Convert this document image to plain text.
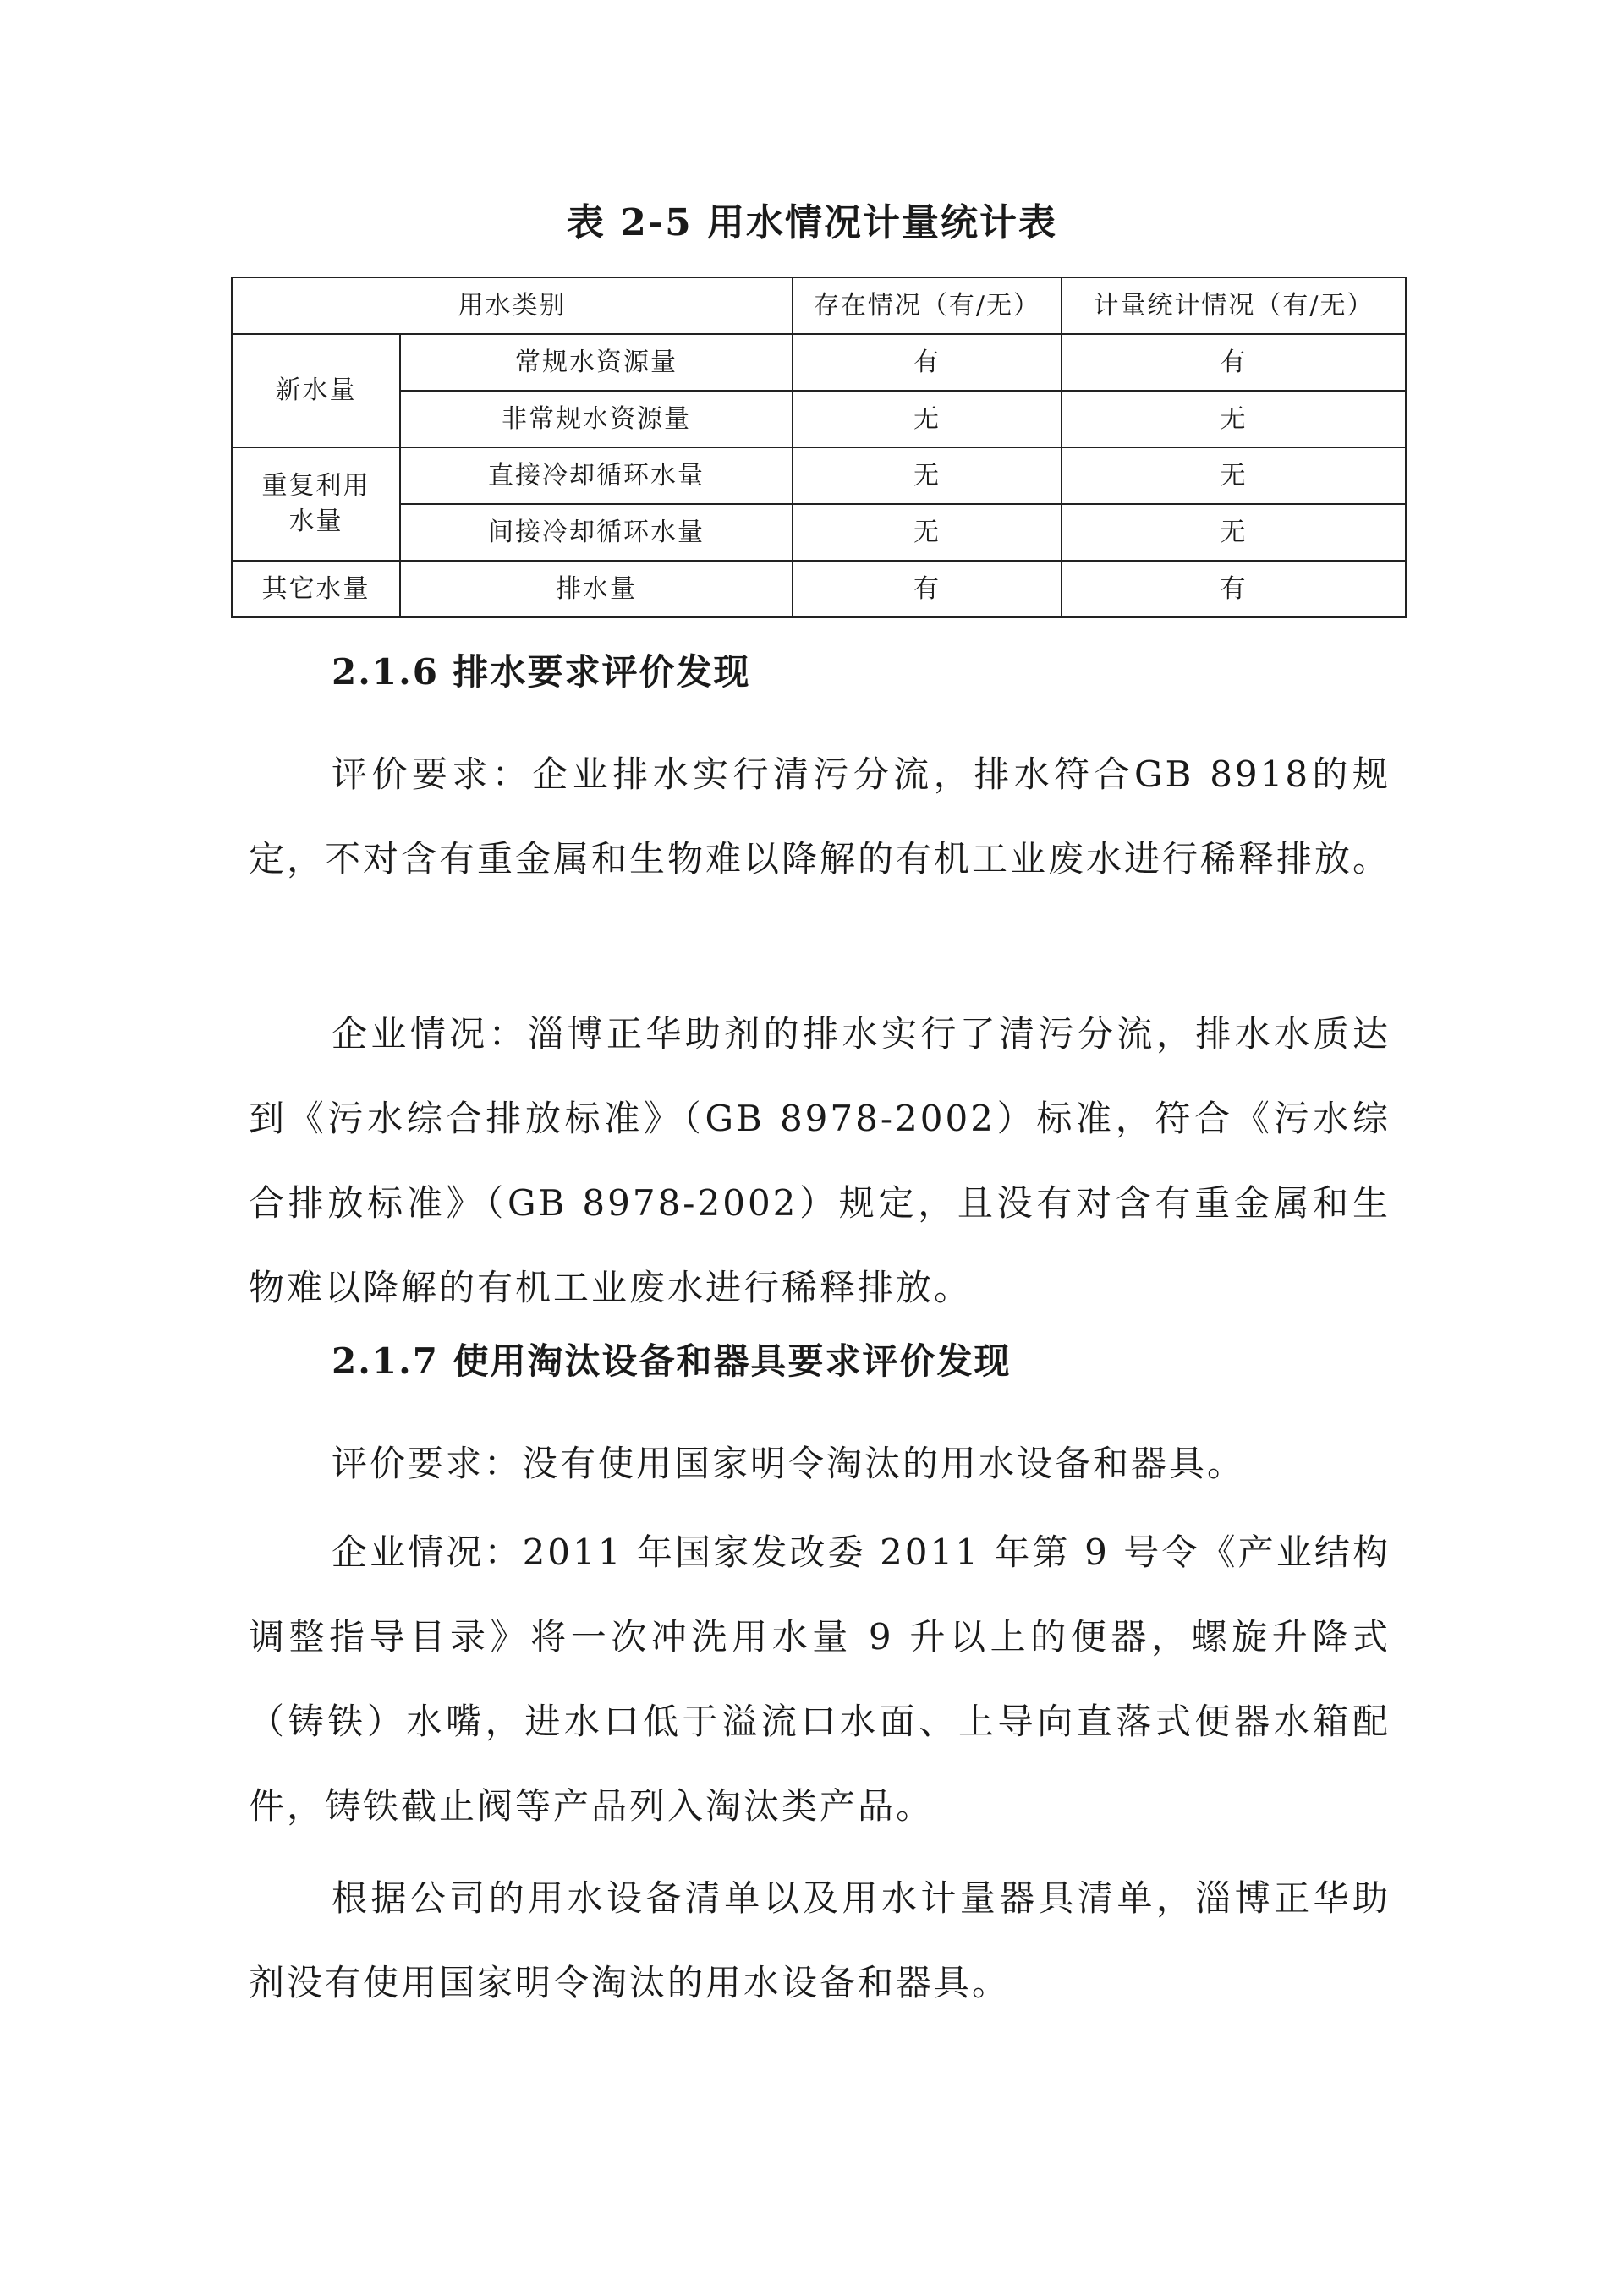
表 2-5 用水情况计量统计表
用水类别		存在情况（有/无）	计量统计情况（有/无）
新水量	常规水资源量	有	有
	非常规水资源量	无	无
重复利用水量	直接冷却循环水量	无	无
	间接冷却循环水量	无	无
其它水量	排水量	有	有
2.1.6 排水要求评价发现

评价要求：企业排水实行清污分流，排水符合GB 8918的规定，不对含有重金属和生物难以降解的有机工业废水进行稀释排放。

企业情况：淄博正华助剂的排水实行了清污分流，排水水质达到《污水综合排放标准》（GB 8978-2002）标准，符合《污水综合排放标准》（GB 8978-2002）规定，且没有对含有重金属和生物难以降解的有机工业废水进行稀释排放。

2.1.7 使用淘汰设备和器具要求评价发现

评价要求：没有使用国家明令淘汰的用水设备和器具。

企业情况：2011 年国家发改委 2011 年第 9 号令《产业结构调整指导目录》将一次冲洗用水量 9 升以上的便器，螺旋升降式（铸铁）水嘴，进水口低于溢流口水面、上导向直落式便器水箱配件，铸铁截止阀等产品列入淘汰类产品。

根据公司的用水设备清单以及用水计量器具清单，淄博正华助剂没有使用国家明令淘汰的用水设备和器具。
